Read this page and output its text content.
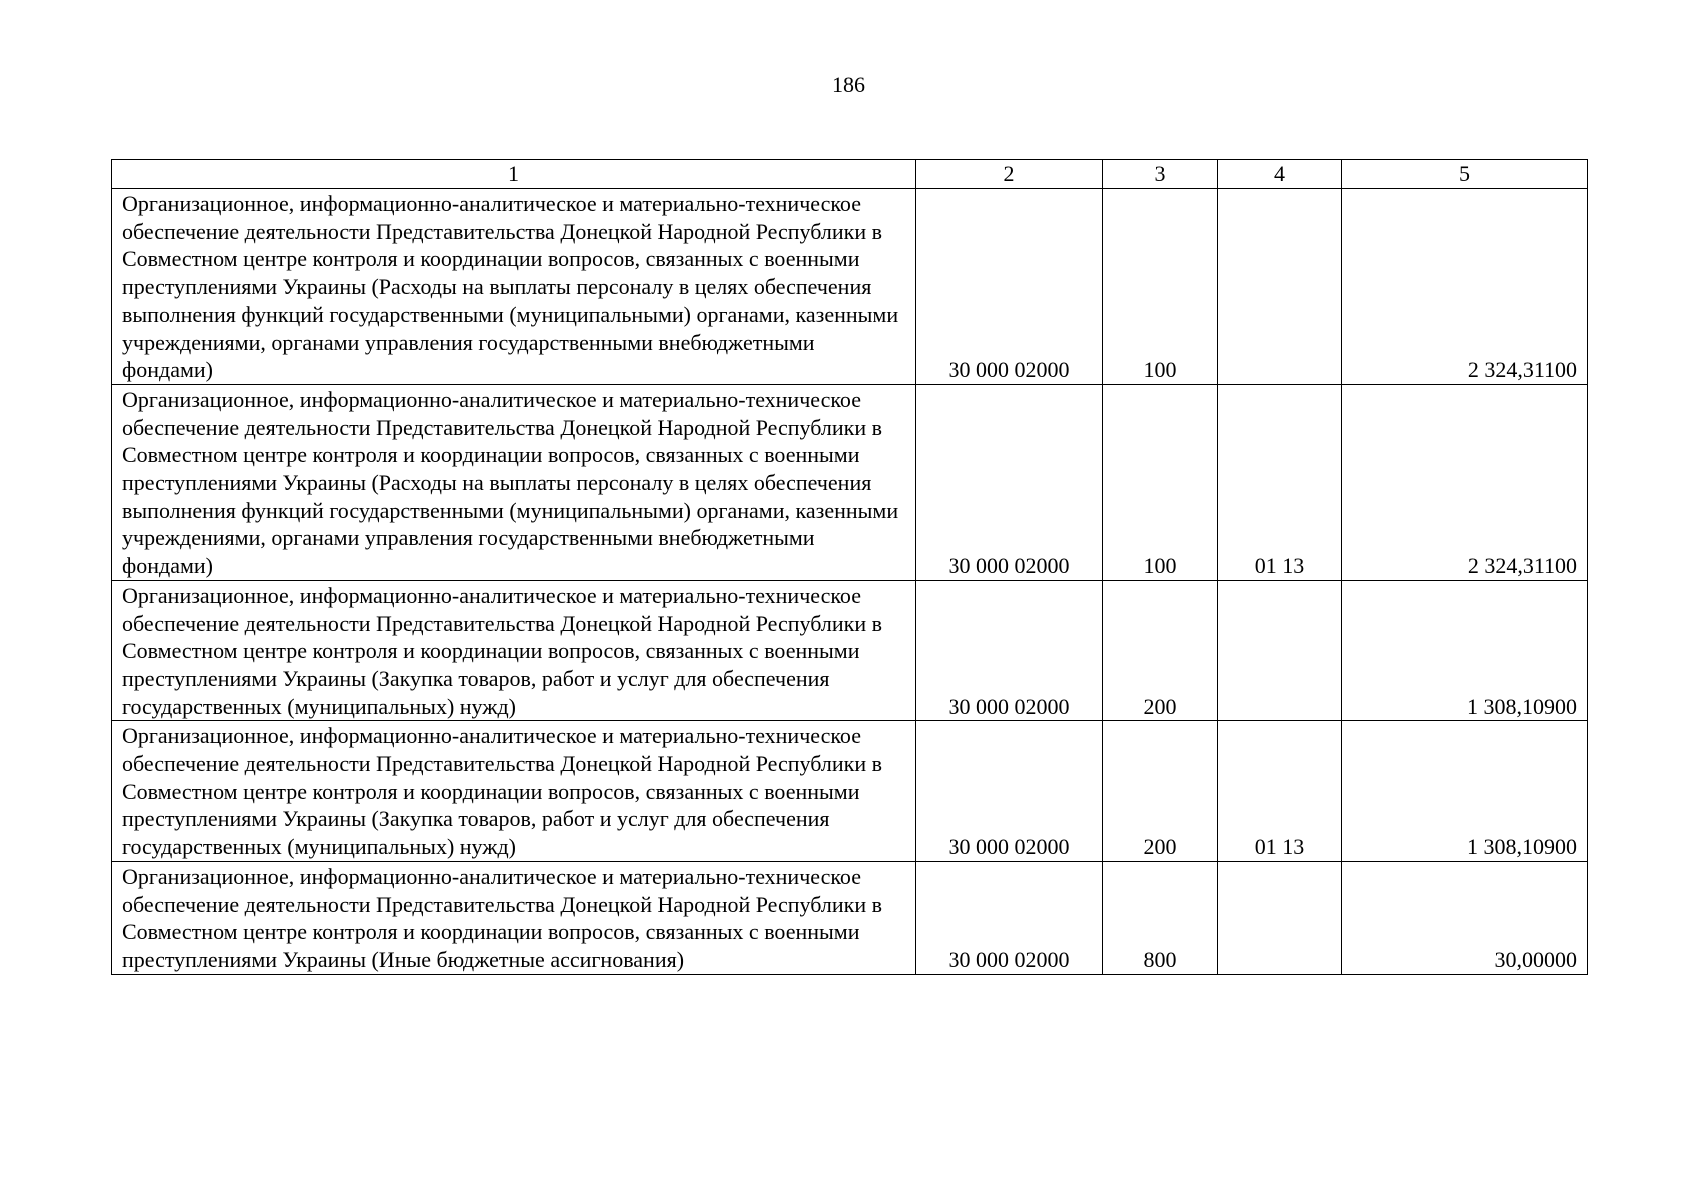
186
1	2	3	4	5
Организационное, информационно-аналитическое и материально-техническое обеспечение деятельности Представительства Донецкой Народной Республики в Совместном центре контроля и координации вопросов, связанных с военными преступлениями Украины (Расходы на выплаты персоналу в целях обеспечения выполнения функций государственными (муниципальными) органами, казенными учреждениями, органами управления государственными внебюджетными фондами)	30 000 02000	100		2 324,31100
Организационное, информационно-аналитическое и материально-техническое обеспечение деятельности Представительства Донецкой Народной Республики в Совместном центре контроля и координации вопросов, связанных с военными преступлениями Украины (Расходы на выплаты персоналу в целях обеспечения выполнения функций государственными (муниципальными) органами, казенными учреждениями, органами управления государственными внебюджетными фондами)	30 000 02000	100	01 13	2 324,31100
Организационное, информационно-аналитическое и материально-техническое обеспечение деятельности Представительства Донецкой Народной Республики в Совместном центре контроля и координации вопросов, связанных с военными преступлениями Украины (Закупка товаров, работ и услуг для обеспечения государственных (муниципальных) нужд)	30 000 02000	200		1 308,10900
Организационное, информационно-аналитическое и материально-техническое обеспечение деятельности Представительства Донецкой Народной Республики в Совместном центре контроля и координации вопросов, связанных с военными преступлениями Украины (Закупка товаров, работ и услуг для обеспечения государственных (муниципальных) нужд)	30 000 02000	200	01 13	1 308,10900
Организационное, информационно-аналитическое и материально-техническое обеспечение деятельности Представительства Донецкой Народной Республики в Совместном центре контроля и координации вопросов, связанных с военными преступлениями Украины (Иные бюджетные ассигнования)	30 000 02000	800		30,00000
